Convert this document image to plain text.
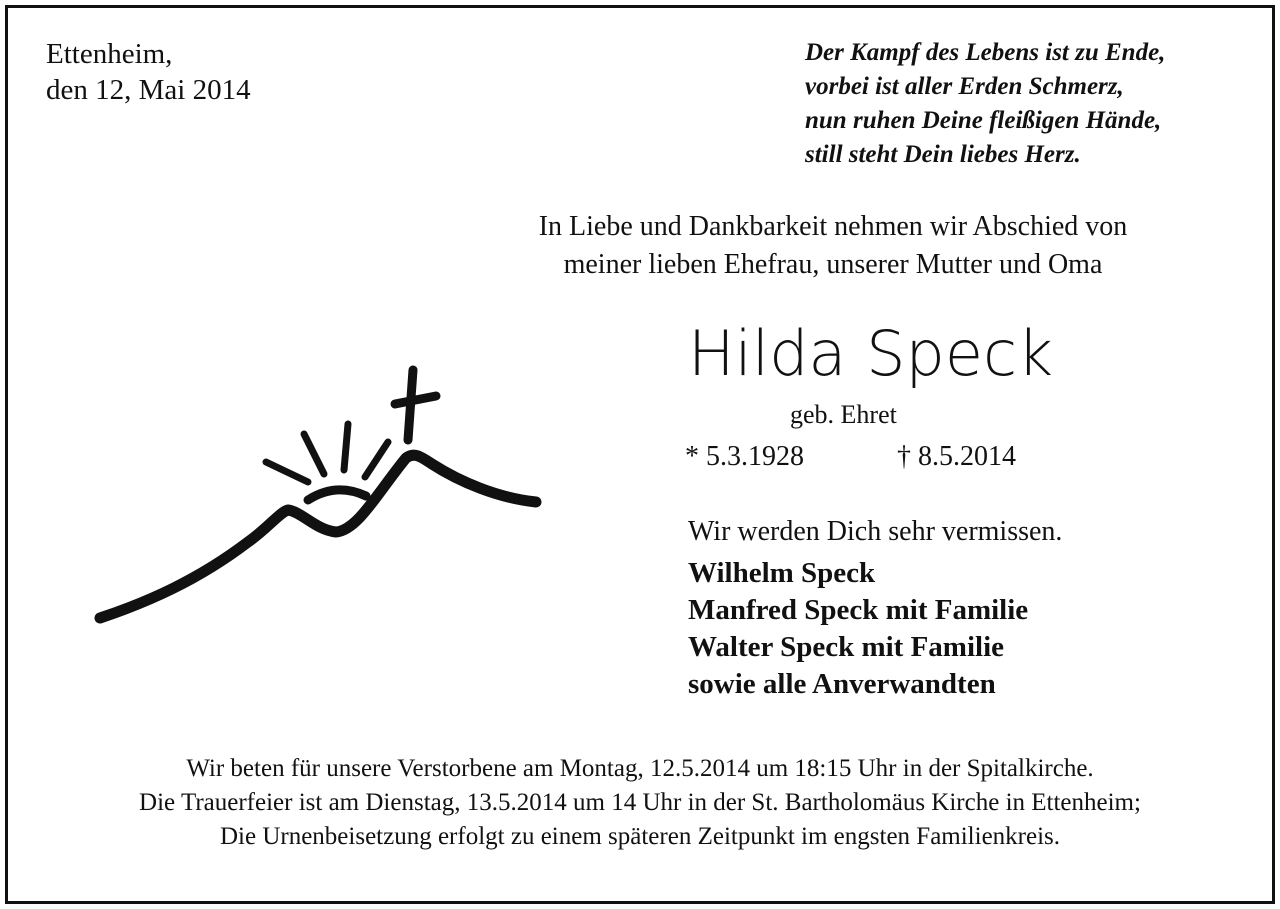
Ettenheim,
den 12, Mai 2014
Der Kampf des Lebens ist zu Ende,
vorbei ist aller Erden Schmerz,
nun ruhen Deine fleißigen Hände,
still steht Dein liebes Herz.
In Liebe und Dankbarkeit nehmen wir Abschied von
meiner lieben Ehefrau, unserer Mutter und Oma
Hilda Speck
geb. Ehret
* 5.3.1928	† 8.5.2014
Wir werden Dich sehr vermissen.
Wilhelm Speck
Manfred Speck mit Familie
Walter Speck mit Familie
sowie alle Anverwandten
Wir beten für unsere Verstorbene am Montag, 12.5.2014 um 18:15 Uhr in der Spitalkirche.
Die Trauerfeier ist am Dienstag, 13.5.2014 um 14 Uhr in der St. Bartholomäus Kirche in Ettenheim;
Die Urnenbeisetzung erfolgt zu einem späteren Zeitpunkt im engsten Familienkreis.
